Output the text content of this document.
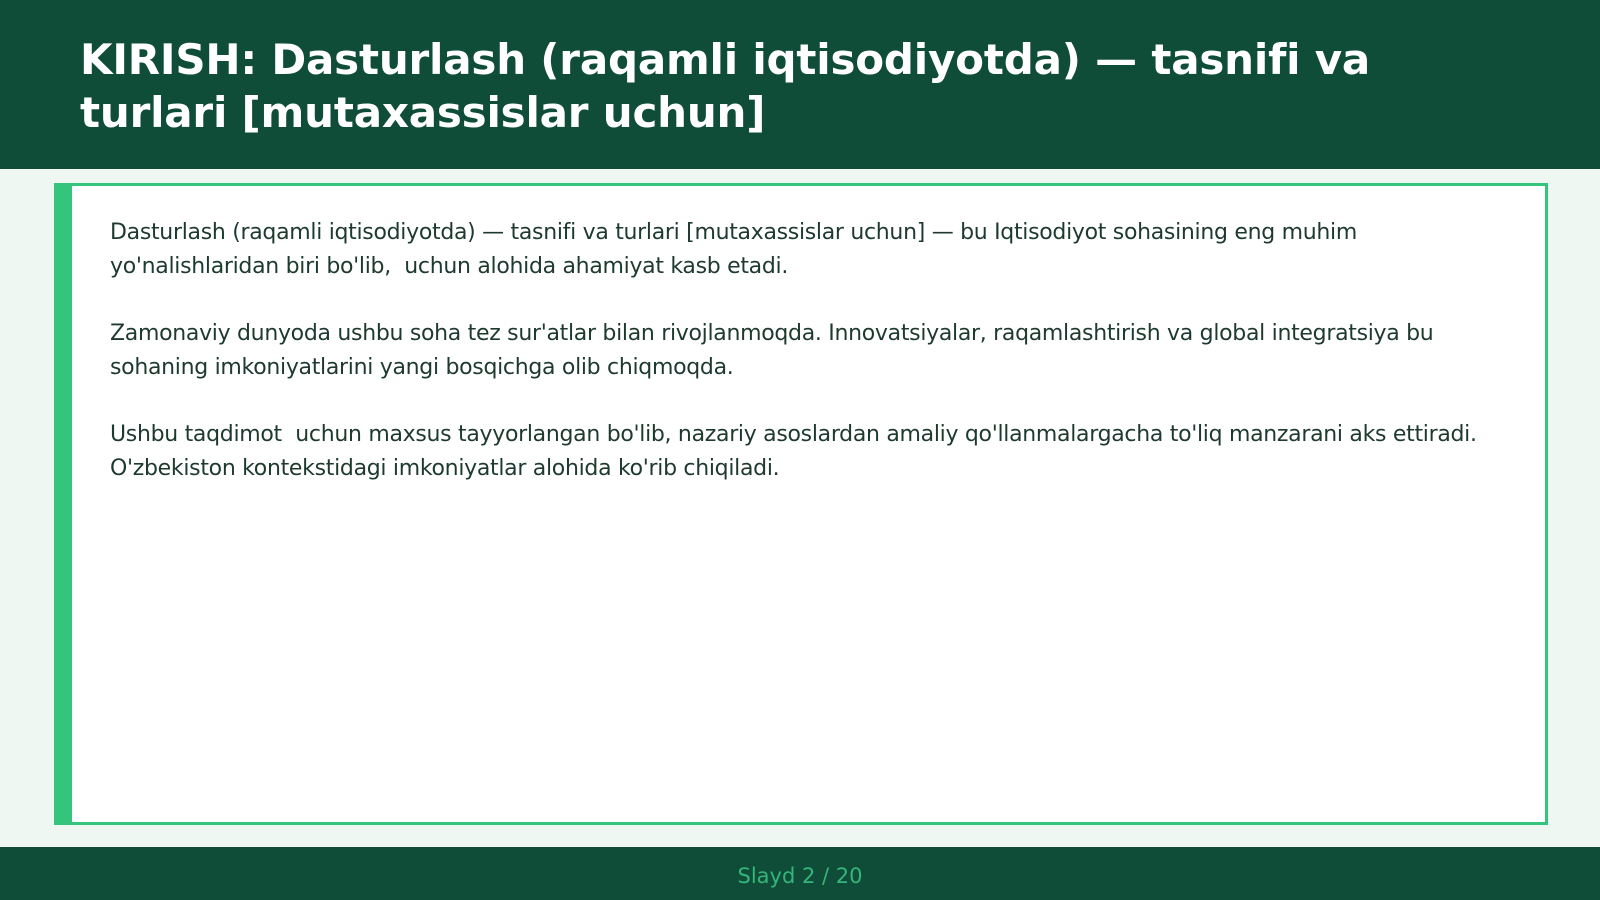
KIRISH: Dasturlash (raqamli iqtisodiyotda) — tasnifi va turlari [mutaxassislar uchun]

Dasturlash (raqamli iqtisodiyotda) — tasnifi va turlari [mutaxassislar uchun] — bu Iqtisodiyot sohasining eng muhim yo'nalishlaridan biri bo'lib,  uchun alohida ahamiyat kasb etadi.

Zamonaviy dunyoda ushbu soha tez sur'atlar bilan rivojlanmoqda. Innovatsiyalar, raqamlashtirish va global integratsiya bu sohaning imkoniyatlarini yangi bosqichga olib chiqmoqda.

Ushbu taqdimot  uchun maxsus tayyorlangan bo'lib, nazariy asoslardan amaliy qo'llanmalargacha to'liq manzarani aks ettiradi. O'zbekiston kontekstidagi imkoniyatlar alohida ko'rib chiqiladi.

Slayd 2 / 20
